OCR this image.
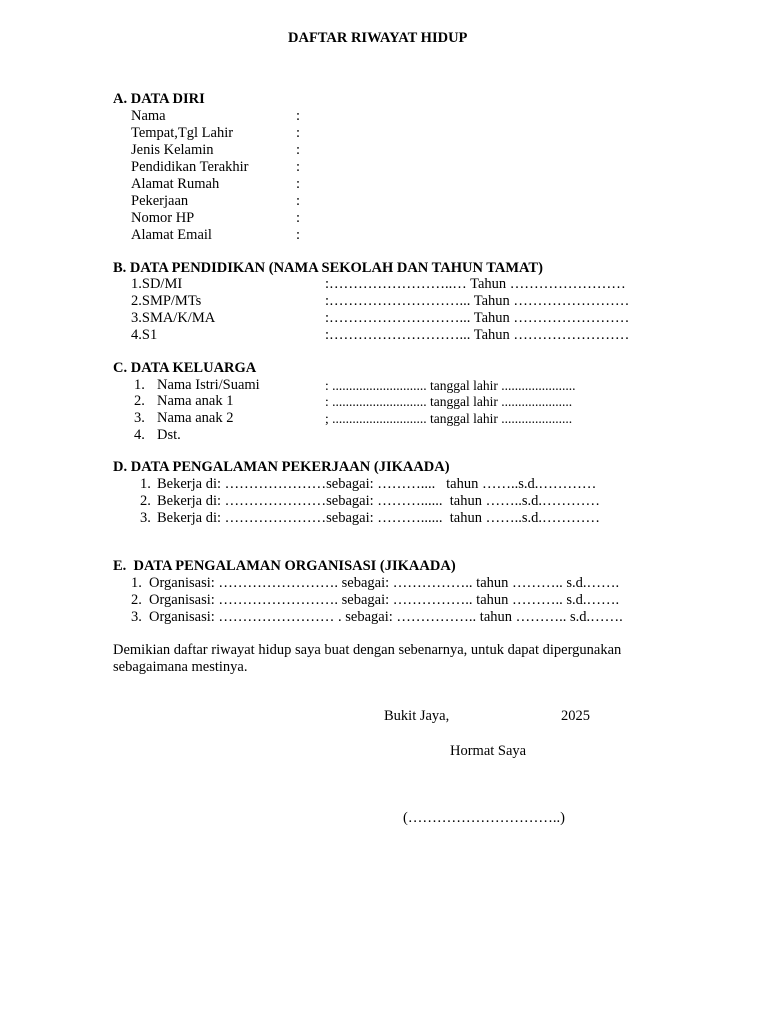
DAFTAR RIWAYAT HIDUP
A. DATA DIRI
Nama	:
Tempat,Tgl Lahir	:
Jenis Kelamin	:
Pendidikan Terakhir	:
Alamat Rumah	:
Pekerjaan	:
Nomor HP	:
Alamat Email	:
B. DATA PENDIDIKAN (NAMA SEKOLAH DAN TAHUN TAMAT)
1.SD/MI	:……………………..… Tahun ……………………
2.SMP/MTs	:………………………... Tahun ……………………
3.SMA/K/MA	:………………………... Tahun ……………………
4.S1	:………………………... Tahun ……………………
C. DATA KELUARGA
1. Nama Istri/Suami	: ............................ tanggal lahir ......................
2. Nama anak 1	: ............................ tanggal lahir .....................
3. Nama anak 2	; ............................ tanggal lahir .....................
4. Dst.
D. DATA PENGALAMAN PEKERJAAN (JIKAADA)
1. Bekerja di: …………………sebagai: ………....   tahun ……..s.d.…………
2. Bekerja di: …………………sebagai: ………......  tahun ……..s.d.…………
3. Bekerja di: …………………sebagai: ………......  tahun ……..s.d.…………
E.  DATA PENGALAMAN ORGANISASI (JIKAADA)
1. Organisasi: ……………………. sebagai: …………….. tahun ……….. s.d.…….
2. Organisasi: ……………………. sebagai: …………….. tahun ……….. s.d.…….
3. Organisasi: …………………… . sebagai: …………….. tahun ……….. s.d.…….
Demikian daftar riwayat hidup saya buat dengan sebenarnya, untuk dapat dipergunakan
sebagaimana mestinya.
Bukit Jaya,	2025
Hormat Saya
(…………………………..)
